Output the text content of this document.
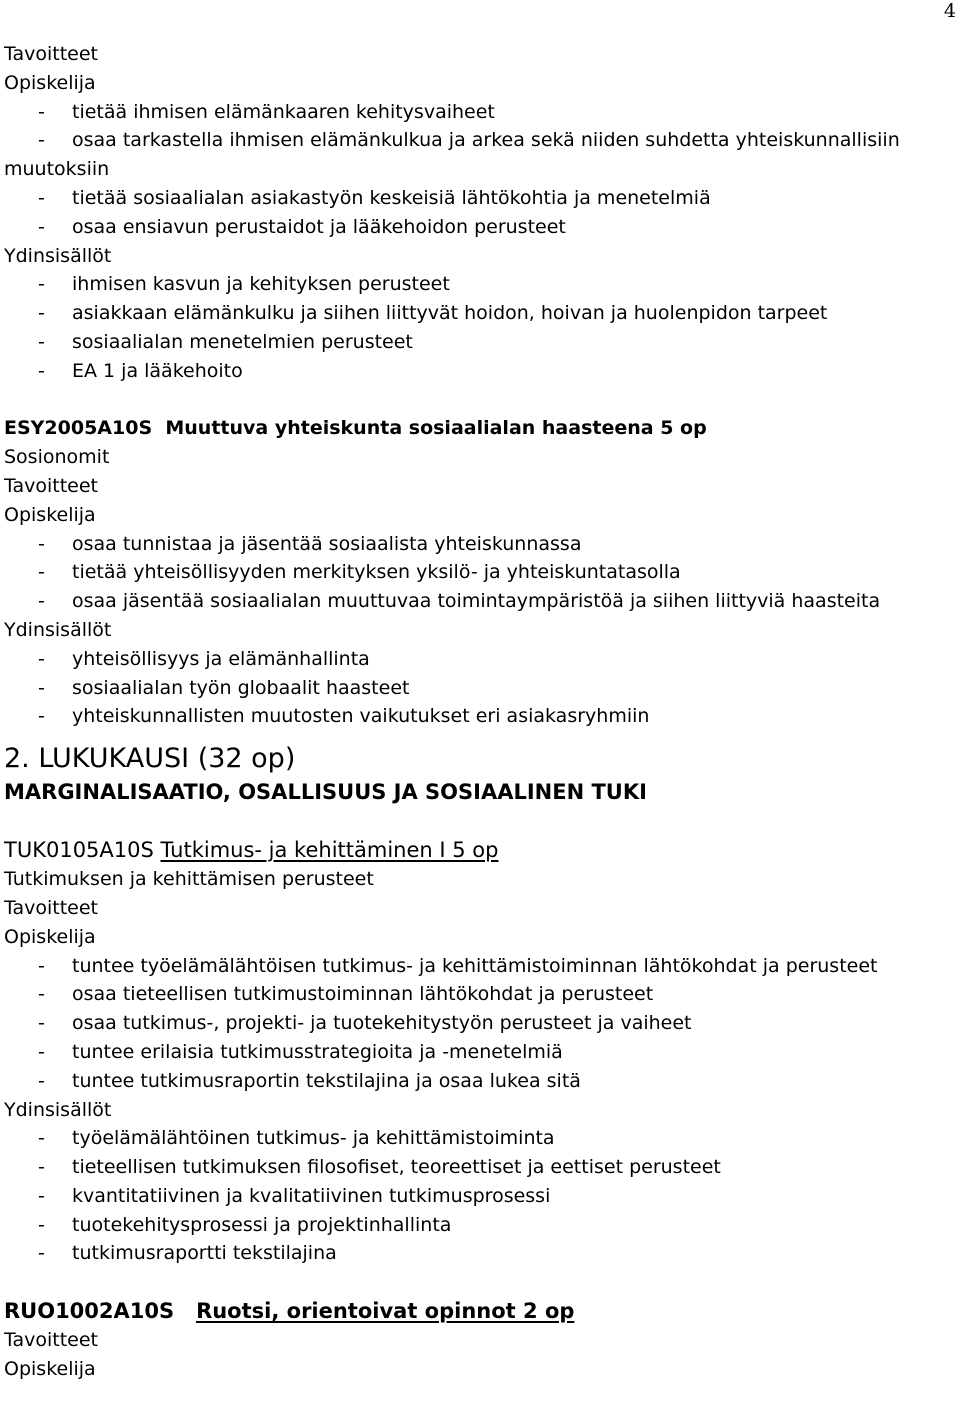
4
Tavoitteet
Opiskelija
- tietää ihmisen elämänkaaren kehitysvaiheet
- osaa tarkastella ihmisen elämänkulkua ja arkea sekä niiden suhdetta yhteiskunnallisiin
muutoksiin
- tietää sosiaalialan asiakastyön keskeisiä lähtökohtia ja menetelmiä
- osaa ensiavun perustaidot ja lääkehoidon perusteet
Ydinsisällöt
- ihmisen kasvun ja kehityksen perusteet
- asiakkaan elämänkulku ja siihen liittyvät hoidon, hoivan ja huolenpidon tarpeet
- sosiaalialan menetelmien perusteet
- EA 1 ja lääkehoito
ESY2005A10S Muuttuva yhteiskunta sosiaalialan haasteena 5 op
Sosionomit
Tavoitteet
Opiskelija
- osaa tunnistaa ja jäsentää sosiaalista yhteiskunnassa
- tietää yhteisöllisyyden merkityksen yksilö- ja yhteiskuntatasolla
- osaa jäsentää sosiaalialan muuttuvaa toimintaympäristöä ja siihen liittyviä haasteita
Ydinsisällöt
- yhteisöllisyys ja elämänhallinta
- sosiaalialan työn globaalit haasteet
- yhteiskunnallisten muutosten vaikutukset eri asiakasryhmiin
2. LUKUKAUSI (32 op)
MARGINALISAATIO, OSALLISUUS JA SOSIAALINEN TUKI
TUK0105A10S Tutkimus- ja kehittäminen I 5 op
Tutkimuksen ja kehittämisen perusteet
Tavoitteet
Opiskelija
- tuntee työelämälähtöisen tutkimus- ja kehittämistoiminnan lähtökohdat ja perusteet
- osaa tieteellisen tutkimustoiminnan lähtökohdat ja perusteet
- osaa tutkimus-, projekti- ja tuotekehitystyön perusteet ja vaiheet
- tuntee erilaisia tutkimusstrategioita ja -menetelmiä
- tuntee tutkimusraportin tekstilajina ja osaa lukea sitä
Ydinsisällöt
- työelämälähtöinen tutkimus- ja kehittämistoiminta
- tieteellisen tutkimuksen filosofiset, teoreettiset ja eettiset perusteet
- kvantitatiivinen ja kvalitatiivinen tutkimusprosessi
- tuotekehitysprosessi ja projektinhallinta
- tutkimusraportti tekstilajina
RUO1002A10S Ruotsi, orientoivat opinnot 2 op
Tavoitteet
Opiskelija
